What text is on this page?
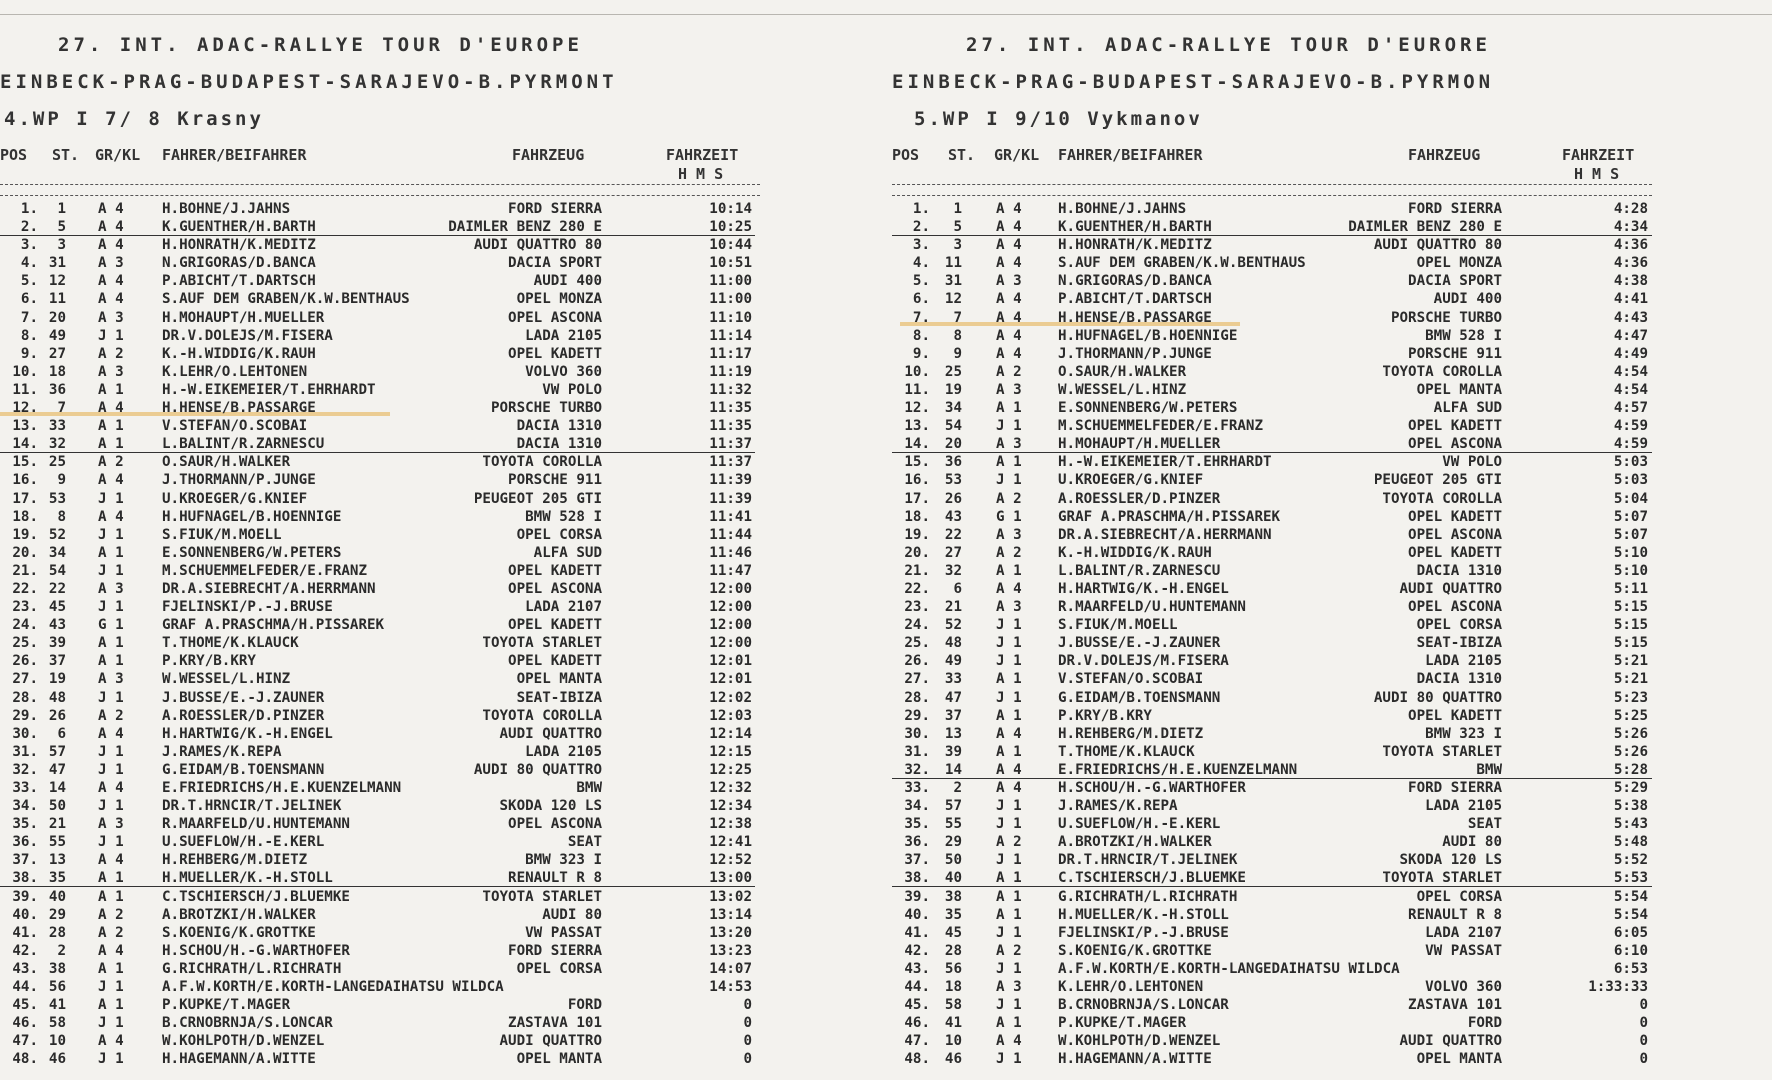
27. INT. ADAC-RALLYE TOUR D'EUROPE
EINBECK-PRAG-BUDAPEST-SARAJEVO-B.PYRMONT
4.WP I 7/ 8 Krasny
POS ST. GR/KL FAHRER/BEIFAHRER	FAHRZEUG	FAHRZEIT
H M S
1.	1 A 4	H.BOHNE/J.JAHNS	FORD SIERRA	10:14
2.	5 A 4	K.GUENTHER/H.BARTH	DAIMLER BENZ 280 E	10:25
3.	3 A 4	H.HONRATH/K.MEDITZ	AUDI QUATTRO 80	10:44
4. 31 A 3	N.GRIGORAS/D.BANCA	DACIA SPORT	10:51
5. 12 A 4	P.ABICHT/T.DARTSCH	AUDI 400	11:00
6. 11 A 4	S.AUF DEM GRABEN/K.W.BENTHAUS	OPEL MONZA	11:00
7. 20 A 3	H.MOHAUPT/H.MUELLER	OPEL ASCONA	11:10
8. 49 J 1	DR.V.DOLEJS/M.FISERA	LADA 2105	11:14
9. 27 A 2	K.-H.WIDDIG/K.RAUH	OPEL KADETT	11:17
10. 18 A 3	K.LEHR/O.LEHTONEN	VOLVO 360	11:19
11. 36 A 1	H.-W.EIKEMEIER/T.EHRHARDT	VW POLO	11:32
12.	7 A 4	H.HENSE/B.PASSARGE	PORSCHE TURBO	11:35
13. 33 A 1	V.STEFAN/O.SCOBAI	DACIA 1310	11:35
14. 32 A 1	L.BALINT/R.ZARNESCU	DACIA 1310	11:37
15. 25 A 2	O.SAUR/H.WALKER	TOYOTA COROLLA	11:37
16.	9 A 4	J.THORMANN/P.JUNGE	PORSCHE 911	11:39
17. 53 J 1	U.KROEGER/G.KNIEF	PEUGEOT 205 GTI	11:39
18.	8 A 4	H.HUFNAGEL/B.HOENNIGE	BMW 528 I	11:41
19. 52 J 1	S.FIUK/M.MOELL	OPEL CORSA	11:44
20. 34 A 1	E.SONNENBERG/W.PETERS	ALFA SUD	11:46
21. 54 J 1	M.SCHUEMMELFEDER/E.FRANZ	OPEL KADETT	11:47
22. 22 A 3	DR.A.SIEBRECHT/A.HERRMANN	OPEL ASCONA	12:00
23. 45 J 1	FJELINSKI/P.-J.BRUSE	LADA 2107	12:00
24. 43 G 1	GRAF A.PRASCHMA/H.PISSAREK	OPEL KADETT	12:00
25. 39 A 1	T.THOME/K.KLAUCK	TOYOTA STARLET	12:00
26. 37 A 1	P.KRY/B.KRY	OPEL KADETT	12:01
27. 19 A 3	W.WESSEL/L.HINZ	OPEL MANTA	12:01
28. 48 J 1	J.BUSSE/E.-J.ZAUNER	SEAT-IBIZA	12:02
29. 26 A 2	A.ROESSLER/D.PINZER	TOYOTA COROLLA	12:03
30.	6 A 4	H.HARTWIG/K.-H.ENGEL	AUDI QUATTRO	12:14
31. 57 J 1	J.RAMES/K.REPA	LADA 2105	12:15
32. 47 J 1	G.EIDAM/B.TOENSMANN	AUDI 80 QUATTRO	12:25
33. 14 A 4	E.FRIEDRICHS/H.E.KUENZELMANN	BMW	12:32
34. 50 J 1	DR.T.HRNCIR/T.JELINEK	SKODA 120 LS	12:34
35. 21 A 3	R.MAARFELD/U.HUNTEMANN	OPEL ASCONA	12:38
36. 55 J 1	U.SUEFLOW/H.-E.KERL	SEAT	12:41
37. 13 A 4	H.REHBERG/M.DIETZ	BMW 323 I	12:52
38. 35 A 1	H.MUELLER/K.-H.STOLL	RENAULT R 8	13:00
39. 40 A 1	C.TSCHIERSCH/J.BLUEMKE	TOYOTA STARLET	13:02
40. 29 A 2	A.BROTZKI/H.WALKER	AUDI 80	13:14
41. 28 A 2	S.KOENIG/K.GROTTKE	VW PASSAT	13:20
42.	2 A 4	H.SCHOU/H.-G.WARTHOFER	FORD SIERRA	13:23
43. 38 A 1	G.RICHRATH/L.RICHRATH	OPEL CORSA	14:07
44. 56 J 1	A.F.W.KORTH/E.KORTH-LANGEDAIHATSU WILDCA	14:53
45. 41 A 1	P.KUPKE/T.MAGER	FORD	0
46. 58 J 1	B.CRNOBRNJA/S.LONCAR	ZASTAVA 101	0
47. 10 A 4	W.KOHLPOTH/D.WENZEL	AUDI QUATTRO	0
48. 46 J 1	H.HAGEMANN/A.WITTE	OPEL MANTA	0
27. INT. ADAC-RALLYE TOUR D'EURORE
EINBECK-PRAG-BUDAPEST-SARAJEVO-B.PYRMON
5.WP I 9/10 Vykmanov
POS ST. GR/KL FAHRER/BEIFAHRER	FAHRZEUG	FAHRZEIT
H M S
1.	1 A 4	H.BOHNE/J.JAHNS	FORD SIERRA	4:28
2.	5 A 4	K.GUENTHER/H.BARTH	DAIMLER BENZ 280 E	4:34
3.	3 A 4	H.HONRATH/K.MEDITZ	AUDI QUATTRO 80	4:36
4.	11 A 4	S.AUF DEM GRABEN/K.W.BENTHAUS	OPEL MONZA	4:36
5.	31 A 3	N.GRIGORAS/D.BANCA	DACIA SPORT	4:38
6.	12 A 4	P.ABICHT/T.DARTSCH	AUDI 400	4:41
7.	7 A 4	H.HENSE/B.PASSARGE	PORSCHE TURBO	4:43
8.	8 A 4	H.HUFNAGEL/B.HOENNIGE	BMW 528 I	4:47
9.	9 A 4	J.THORMANN/P.JUNGE	PORSCHE 911	4:49
10.	25 A 2	O.SAUR/H.WALKER	TOYOTA COROLLA	4:54
11.	19 A 3	W.WESSEL/L.HINZ	OPEL MANTA	4:54
12.	34 A 1	E.SONNENBERG/W.PETERS	ALFA SUD	4:57
13.	54 J 1	M.SCHUEMMELFEDER/E.FRANZ	OPEL KADETT	4:59
14.	20 A 3	H.MOHAUPT/H.MUELLER	OPEL ASCONA	4:59
15.	36 A 1	H.-W.EIKEMEIER/T.EHRHARDT	VW POLO	5:03
16.	53 J 1	U.KROEGER/G.KNIEF	PEUGEOT 205 GTI	5:03
17.	26 A 2	A.ROESSLER/D.PINZER	TOYOTA COROLLA	5:04
18.	43 G 1	GRAF A.PRASCHMA/H.PISSAREK	OPEL KADETT	5:07
19.	22 A 3	DR.A.SIEBRECHT/A.HERRMANN	OPEL ASCONA	5:07
20.	27 A 2	K.-H.WIDDIG/K.RAUH	OPEL KADETT	5:10
21.	32 A 1	L.BALINT/R.ZARNESCU	DACIA 1310	5:10
22.	6 A 4	H.HARTWIG/K.-H.ENGEL	AUDI QUATTRO	5:11
23.	21 A 3	R.MAARFELD/U.HUNTEMANN	OPEL ASCONA	5:15
24.	52 J 1	S.FIUK/M.MOELL	OPEL CORSA	5:15
25.	48 J 1	J.BUSSE/E.-J.ZAUNER	SEAT-IBIZA	5:15
26.	49 J 1	DR.V.DOLEJS/M.FISERA	LADA 2105	5:21
27.	33 A 1	V.STEFAN/O.SCOBAI	DACIA 1310	5:21
28.	47 J 1	G.EIDAM/B.TOENSMANN	AUDI 80 QUATTRO	5:23
29.	37 A 1	P.KRY/B.KRY	OPEL KADETT	5:25
30.	13 A 4	H.REHBERG/M.DIETZ	BMW 323 I	5:26
31.	39 A 1	T.THOME/K.KLAUCK	TOYOTA STARLET	5:26
32.	14 A 4	E.FRIEDRICHS/H.E.KUENZELMANN	BMW	5:28
33.	2 A 4	H.SCHOU/H.-G.WARTHOFER	FORD SIERRA	5:29
34.	57 J 1	J.RAMES/K.REPA	LADA 2105	5:38
35.	55 J 1	U.SUEFLOW/H.-E.KERL	SEAT	5:43
36.	29 A 2	A.BROTZKI/H.WALKER	AUDI 80	5:48
37.	50 J 1	DR.T.HRNCIR/T.JELINEK	SKODA 120 LS	5:52
38.	40 A 1	C.TSCHIERSCH/J.BLUEMKE	TOYOTA STARLET	5:53
39.	38 A 1	G.RICHRATH/L.RICHRATH	OPEL CORSA	5:54
40.	35 A 1	H.MUELLER/K.-H.STOLL	RENAULT R 8	5:54
41.	45 J 1	FJELINSKI/P.-J.BRUSE	LADA 2107	6:05
42.	28 A 2	S.KOENIG/K.GROTTKE	VW PASSAT	6:10
43.	56 J 1	A.F.W.KORTH/E.KORTH-LANGEDAIHATSU WILDCA	6:53
44.	18 A 3	K.LEHR/O.LEHTONEN	VOLVO 360	1:33:33
45.	58 J 1	B.CRNOBRNJA/S.LONCAR	ZASTAVA 101	0
46.	41 A 1	P.KUPKE/T.MAGER	FORD	0
47.	10 A 4	W.KOHLPOTH/D.WENZEL	AUDI QUATTRO	0
48.	46 J 1	H.HAGEMANN/A.WITTE	OPEL MANTA	0
